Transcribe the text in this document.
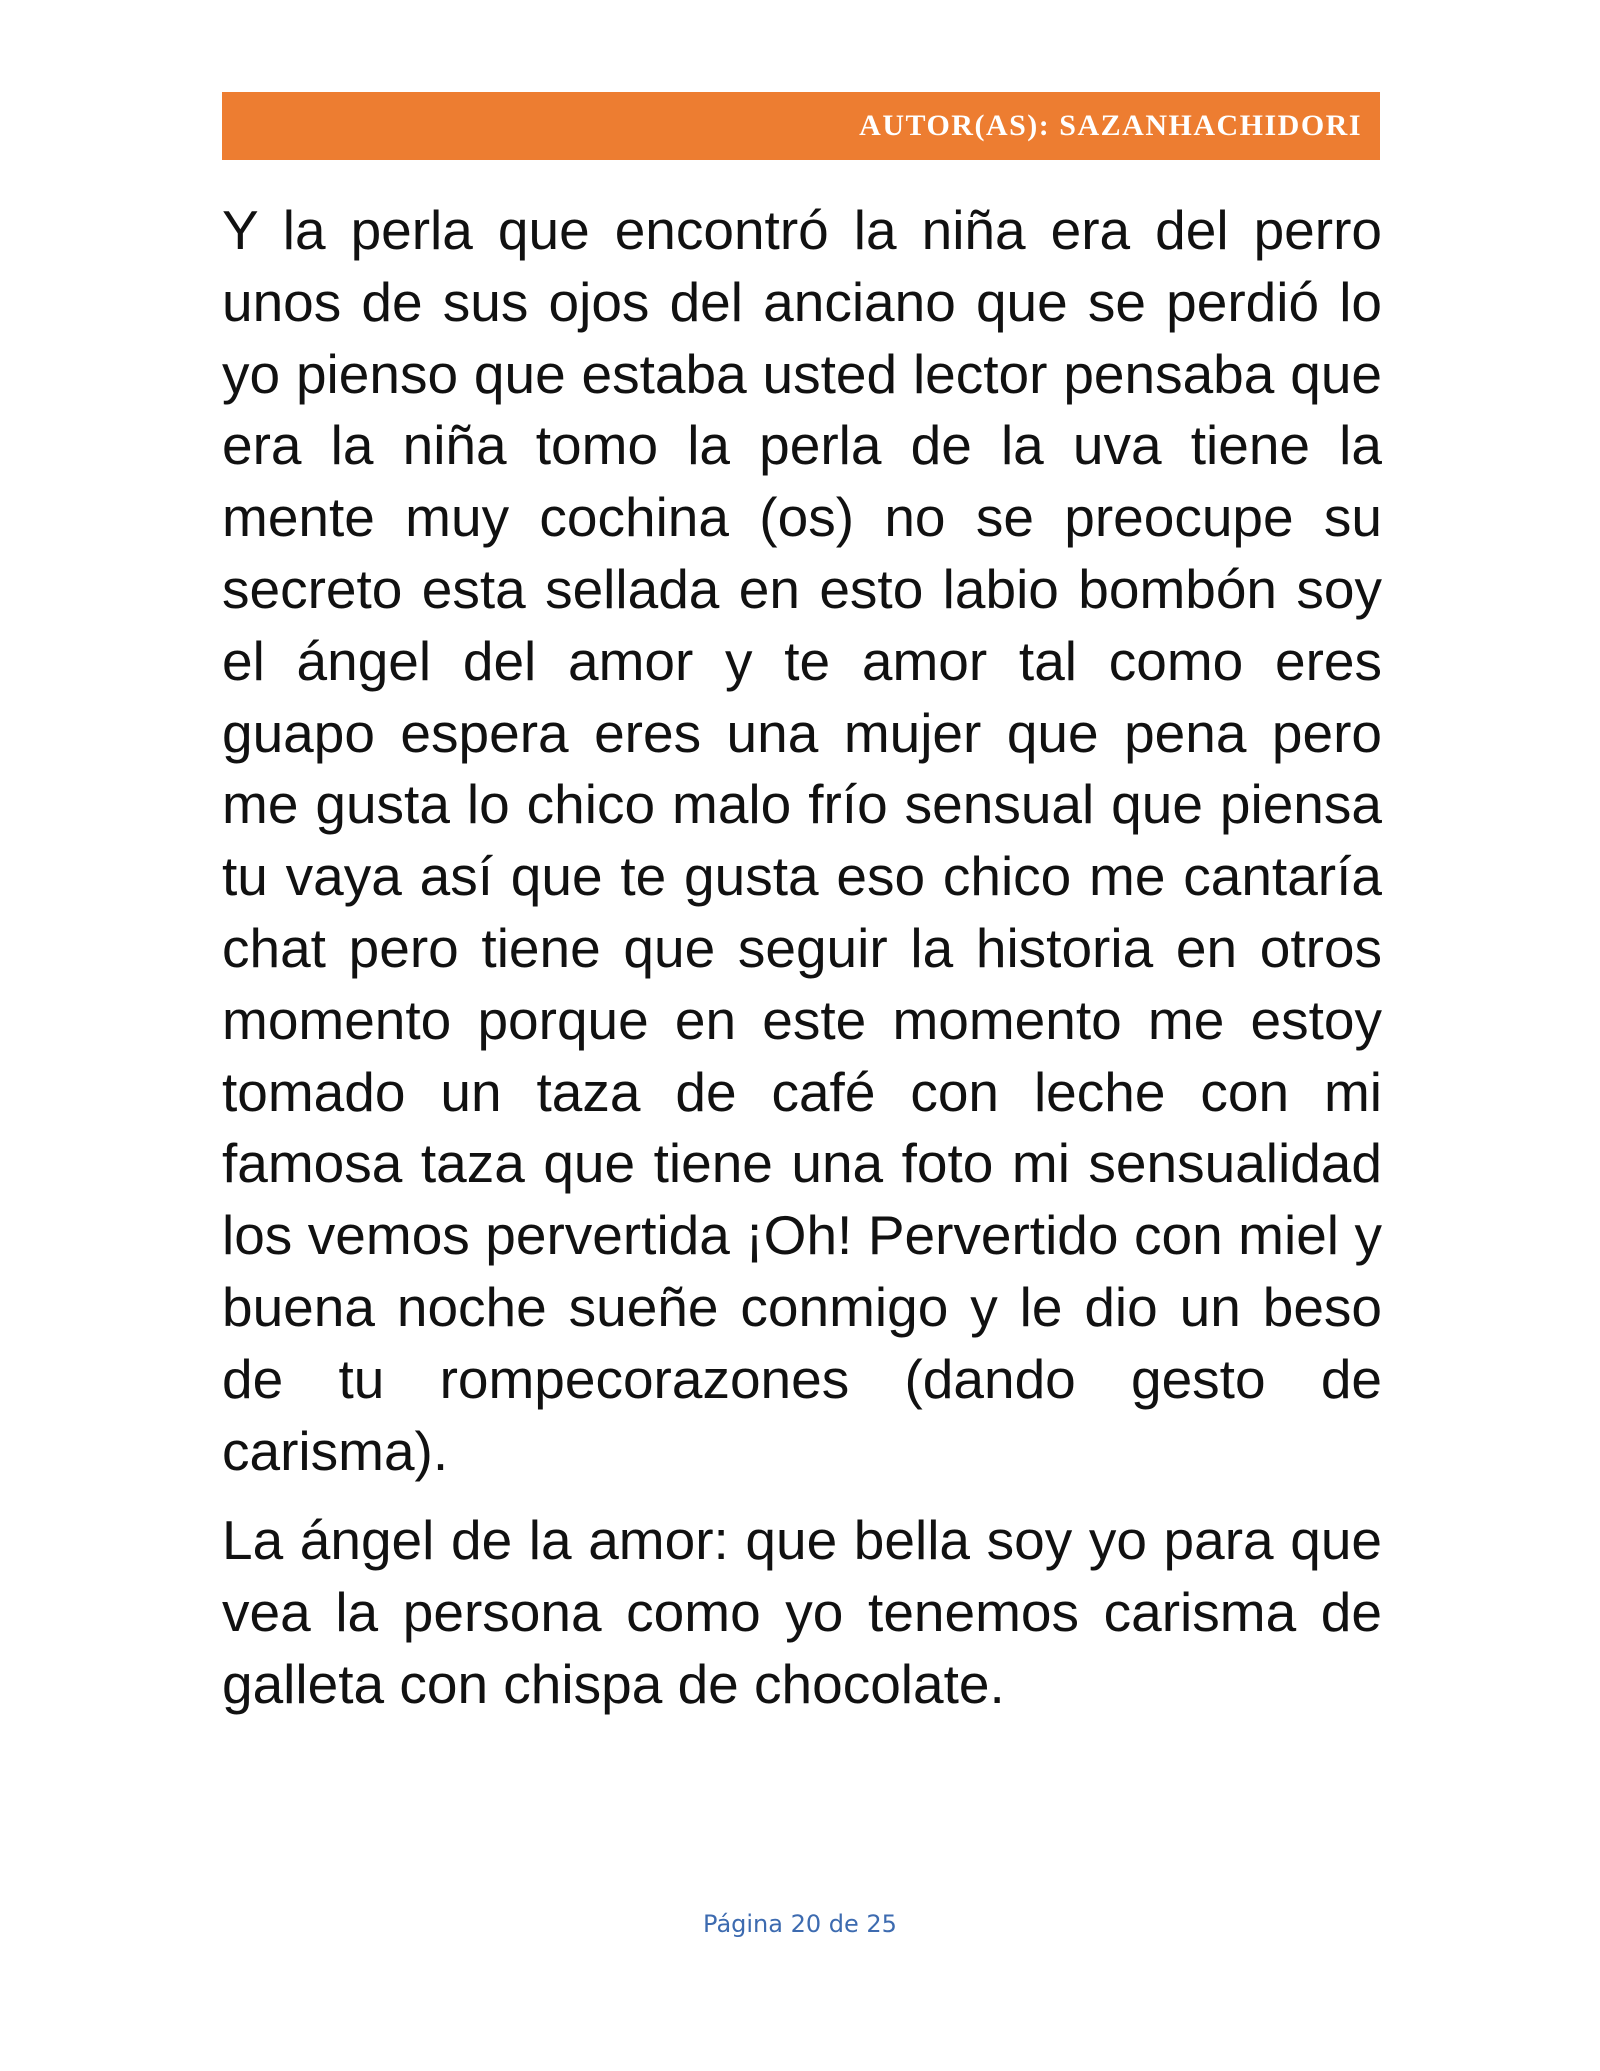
AUTOR(AS): SAZANHACHIDORI

Y la perla que encontró la niña era del perro unos de sus ojos del anciano que se perdió lo yo pienso que estaba usted lector pensaba que era la niña tomo la perla de la uva tiene la mente muy cochina (os) no se preocupe su secreto esta sellada en esto labio bombón soy el ángel del amor y te amor tal como eres guapo espera eres una mujer que pena pero me gusta lo chico malo frío sensual que piensa tu vaya así que te gusta eso chico me cantaría chat pero tiene que seguir la historia en otros momento porque en este momento me estoy tomado un taza de café con leche con mi famosa taza que tiene una foto mi sensualidad los vemos pervertida ¡Oh! Pervertido con miel y buena noche sueñe conmigo y le dio un beso de tu rompecorazones (dando gesto de carisma).

La ángel de la amor: que bella soy yo para que vea la persona como yo tenemos carisma de galleta con chispa de chocolate.

Página 20 de 25
